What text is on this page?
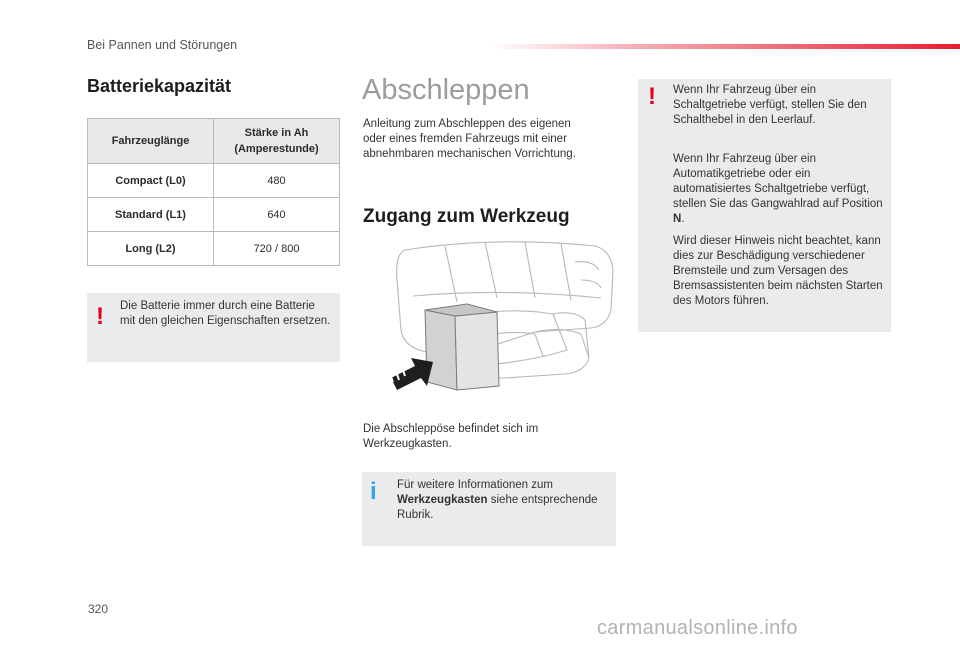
Bei Pannen und Störungen
Batteriekapazität
Fahrzeuglänge	Stärke in Ah
(Amperestunde)
Compact (L0)	480
Standard (L1)	640
Long (L2)	720 / 800
! Die Batterie immer durch eine Batterie mit den gleichen Eigenschaften ersetzen.
Abschleppen
Anleitung zum Abschleppen des eigenen oder eines fremden Fahrzeugs mit einer abnehmbaren mechanischen Vorrichtung.
Zugang zum Werkzeug
Die Abschleppöse befindet sich im Werkzeugkasten.
i Für weitere Informationen zum Werkzeugkasten siehe entsprechende Rubrik.
! Wenn Ihr Fahrzeug über ein Schaltgetriebe verfügt, stellen Sie den Schalthebel in den Leerlauf.
Wenn Ihr Fahrzeug über ein Automatikgetriebe oder ein automatisiertes Schaltgetriebe verfügt, stellen Sie das Gangwahlrad auf Position N.
Wird dieser Hinweis nicht beachtet, kann dies zur Beschädigung verschiedener Bremsteile und zum Versagen des Bremsassistenten beim nächsten Starten des Motors führen.
320
carmanualsonline.info
